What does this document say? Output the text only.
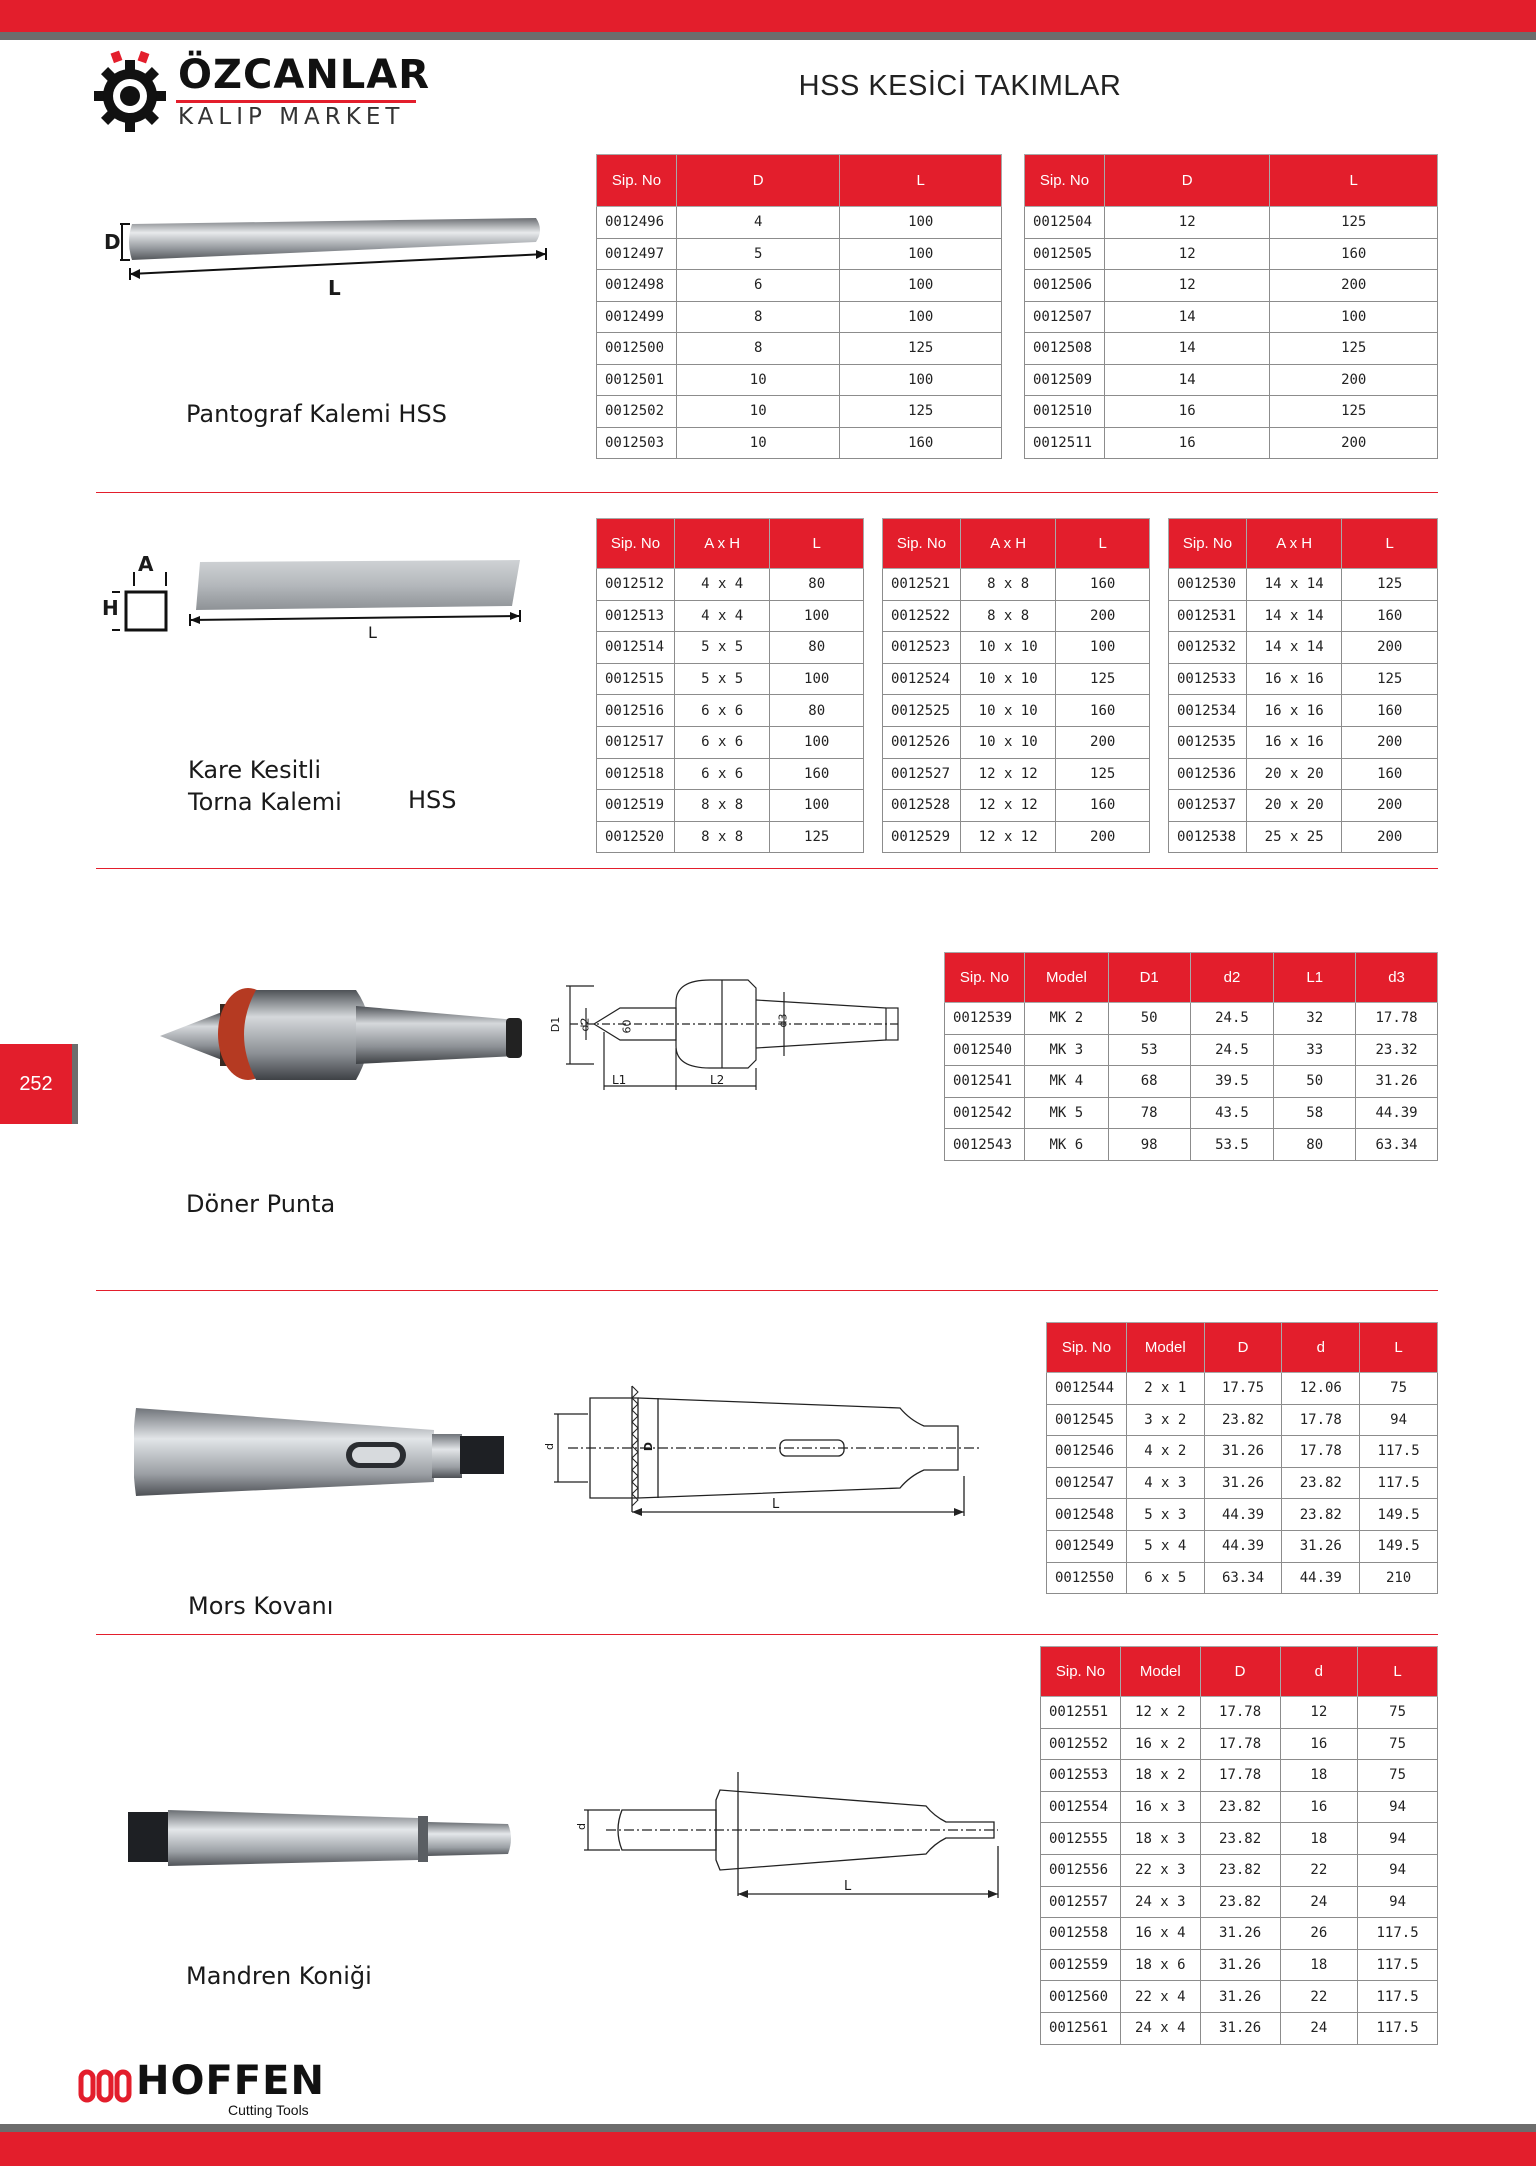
ÖZCANLAR
KALIP MARKET
HSS KESİCİ TAKIMLAR
D
L
Pantograf Kalemi HSS
Sip. No	D	L
0012496	4	100
0012497	5	100
0012498	6	100
0012499	8	100
0012500	8	125
0012501	10	100
0012502	10	125
0012503	10	160
Sip. No	D	L
0012504	12	125
0012505	12	160
0012506	12	200
0012507	14	100
0012508	14	125
0012509	14	200
0012510	16	125
0012511	16	200
A
H
L
Kare Kesitli
Torna Kalemi	HSS
Sip. No	A x H	L
0012512	4 x 4	80
0012513	4 x 4	100
0012514	5 x 5	80
0012515	5 x 5	100
0012516	6 x 6	80
0012517	6 x 6	100
0012518	6 x 6	160
0012519	8 x 8	100
0012520	8 x 8	125
Sip. No	A x H	L
0012521	8 x 8	160
0012522	8 x 8	200
0012523	10 x 10	100
0012524	10 x 10	125
0012525	10 x 10	160
0012526	10 x 10	200
0012527	12 x 12	125
0012528	12 x 12	160
0012529	12 x 12	200
Sip. No	A x H	L
0012530	14 x 14	125
0012531	14 x 14	160
0012532	14 x 14	200
0012533	16 x 16	125
0012534	16 x 16	160
0012535	16 x 16	200
0012536	20 x 20	160
0012537	20 x 20	200
0012538	25 x 25	200
252
D1	d2	60	d3
L1	L2
Döner Punta
Sip. No	Model	D1	d2	L1	d3
0012539	MK 2	50	24.5	32	17.78
0012540	MK 3	53	24.5	33	23.32
0012541	MK 4	68	39.5	50	31.26
0012542	MK 5	78	43.5	58	44.39
0012543	MK 6	98	53.5	80	63.34
d	D
L
Mors Kovanı
Sip. No	Model	D	d	L
0012544	2 x 1	17.75	12.06	75
0012545	3 x 2	23.82	17.78	94
0012546	4 x 2	31.26	17.78	117.5
0012547	4 x 3	31.26	23.82	117.5
0012548	5 x 3	44.39	23.82	149.5
0012549	5 x 4	44.39	31.26	149.5
0012550	6 x 5	63.34	44.39	210
d
L
Mandren Koniği
Sip. No	Model	D	d	L
0012551	12 x 2	17.78	12	75
0012552	16 x 2	17.78	16	75
0012553	18 x 2	17.78	18	75
0012554	16 x 3	23.82	16	94
0012555	18 x 3	23.82	18	94
0012556	22 x 3	23.82	22	94
0012557	24 x 3	23.82	24	94
0012558	16 x 4	31.26	26	117.5
0012559	18 x 6	31.26	18	117.5
0012560	22 x 4	31.26	22	117.5
0012561	24 x 4	31.26	24	117.5
HOFFEN
Cutting Tools
